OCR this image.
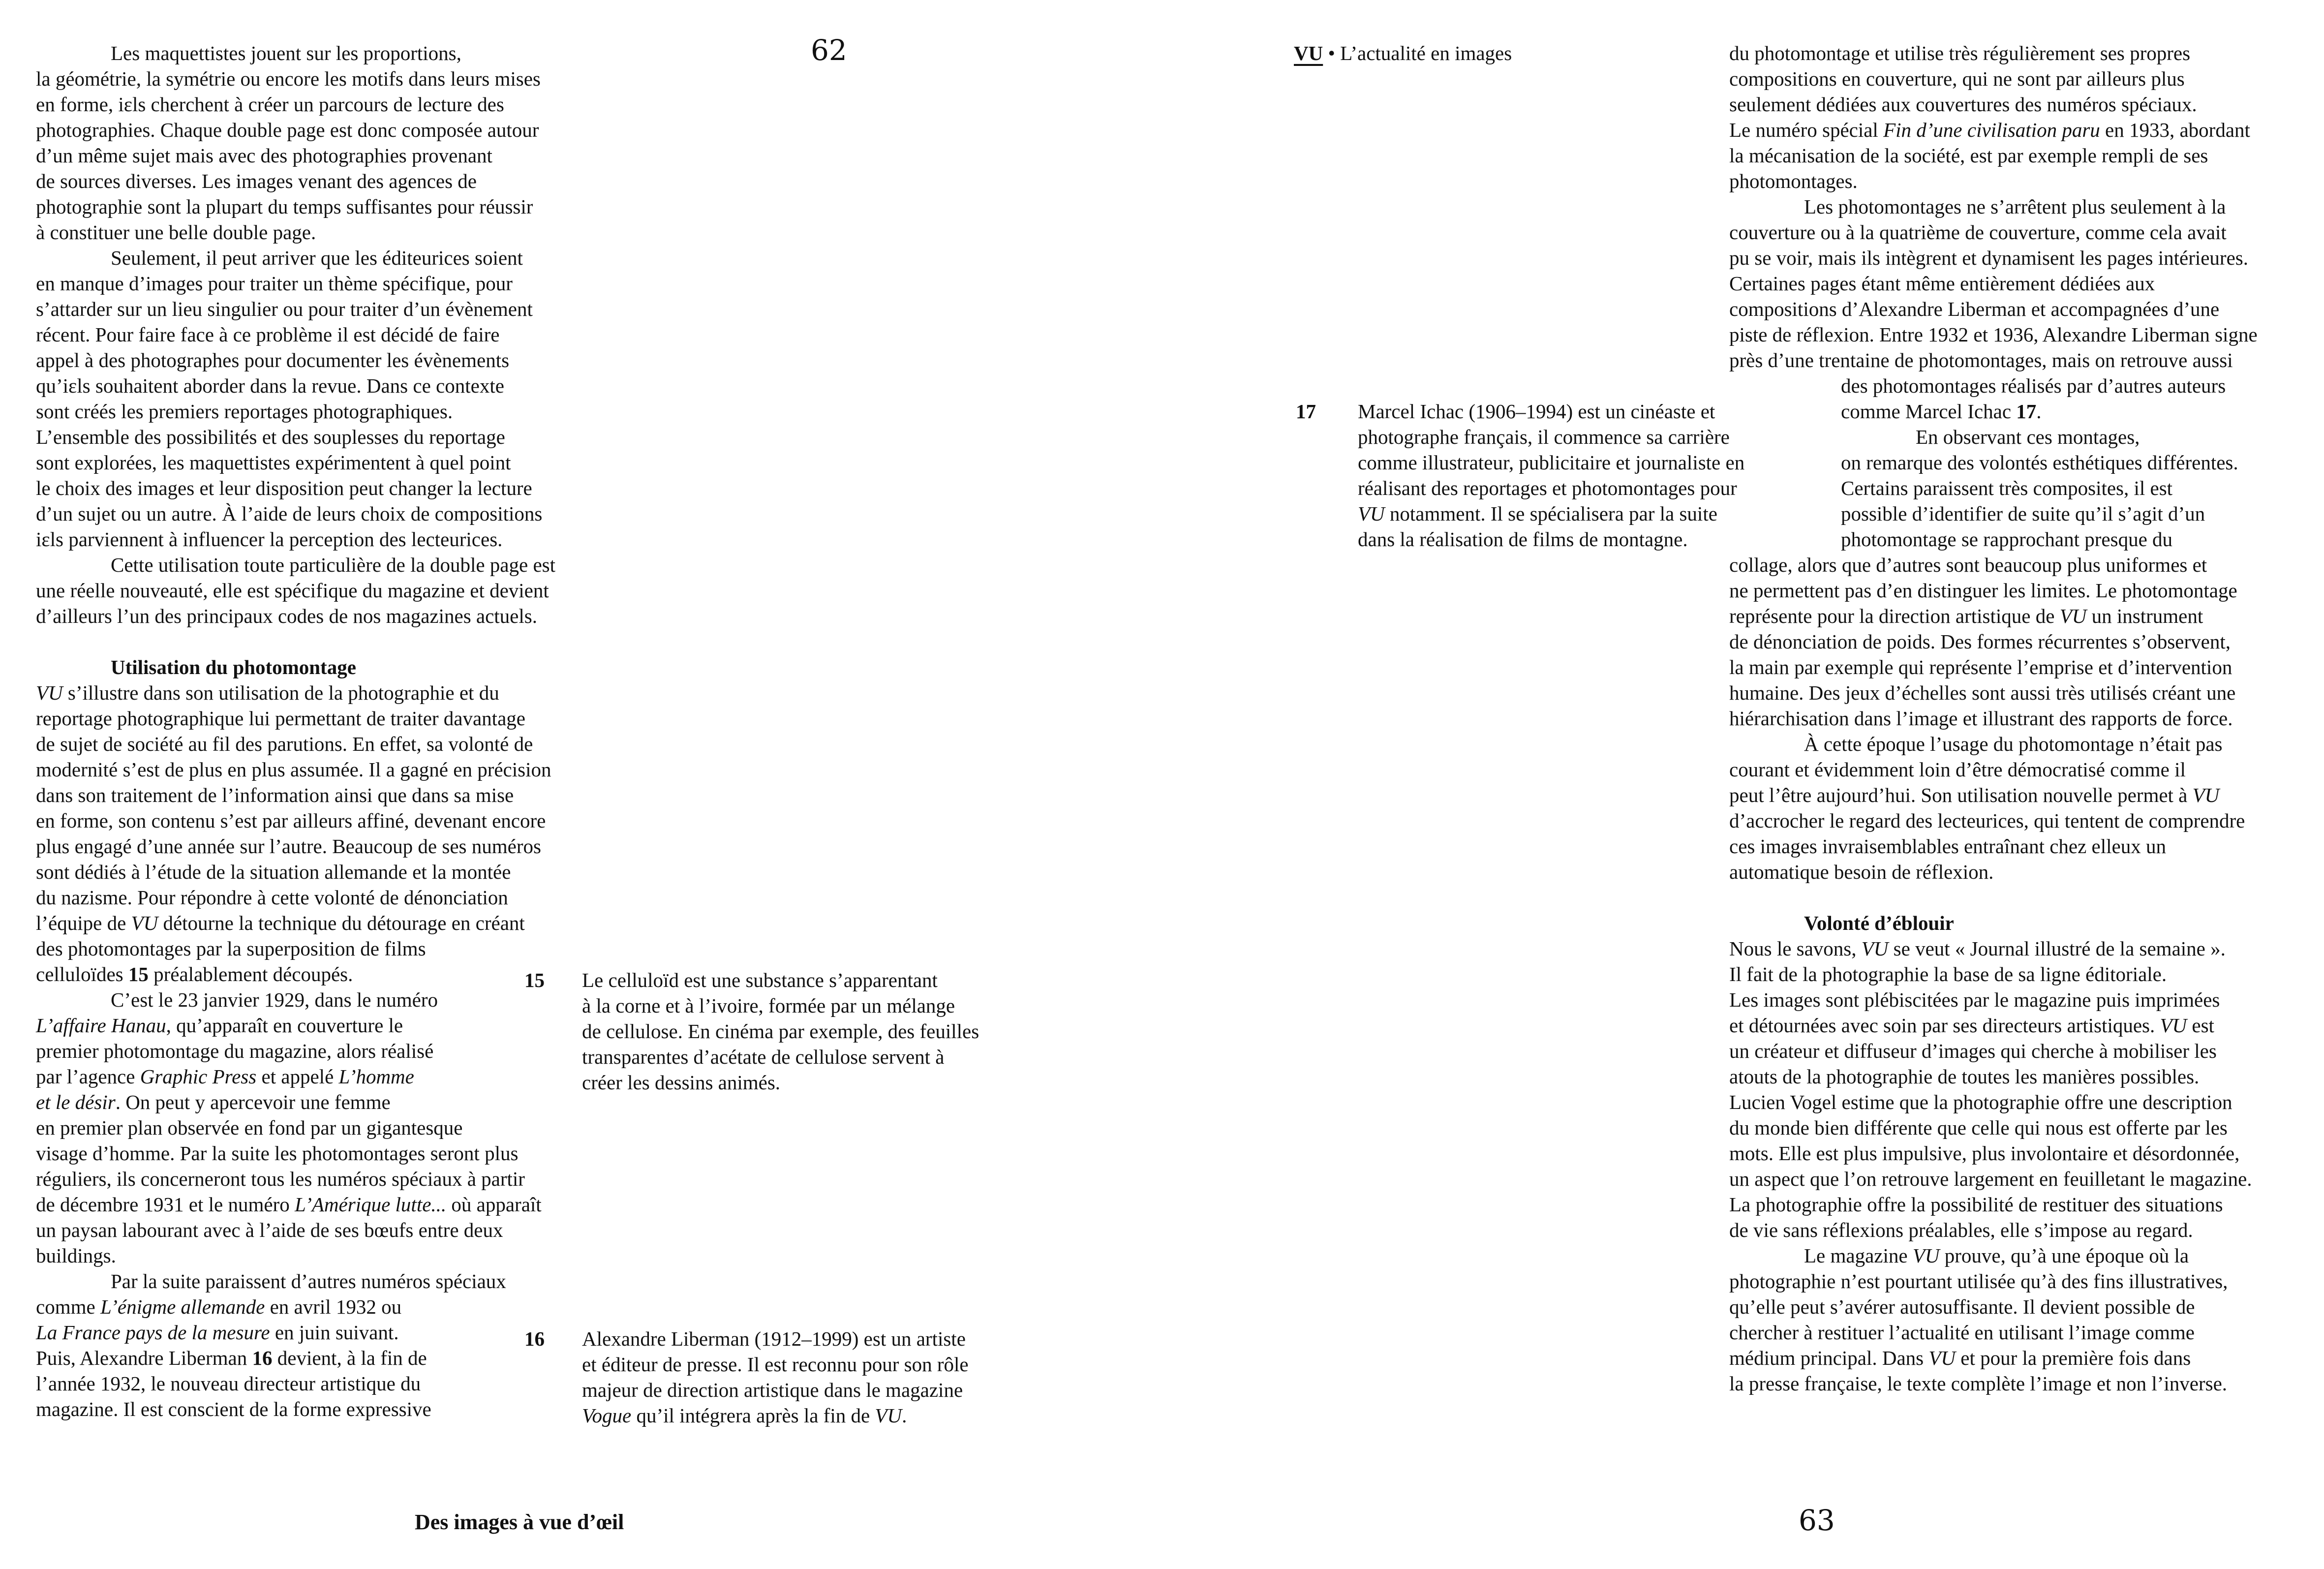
62
Les maquettistes jouent sur les proportions,
la géométrie, la symétrie ou encore les motifs dans leurs mises
en forme, iɛls cherchent à créer un parcours de lecture des
photographies. Chaque double page est donc composée autour
d’un même sujet mais avec des photographies provenant
de sources diverses. Les images venant des agences de
photographie sont la plupart du temps suffisantes pour réussir
à constituer une belle double page.
Seulement, il peut arriver que les éditeurices soient
en manque d’images pour traiter un thème spécifique, pour
s’attarder sur un lieu singulier ou pour traiter d’un évènement
récent. Pour faire face à ce problème il est décidé de faire
appel à des photographes pour documenter les évènements
qu’iɛls souhaitent aborder dans la revue. Dans ce contexte
sont créés les premiers reportages photographiques.
L’ensemble des possibilités et des souplesses du reportage
sont explorées, les maquettistes expérimentent à quel point
le choix des images et leur disposition peut changer la lecture
d’un sujet ou un autre. À l’aide de leurs choix de compositions
iɛls parviennent à influencer la perception des lecteurices.
Cette utilisation toute particulière de la double page est
une réelle nouveauté, elle est spécifique du magazine et devient
d’ailleurs l’un des principaux codes de nos magazines actuels.
Utilisation du photomontage
VU s’illustre dans son utilisation de la photographie et du
reportage photographique lui permettant de traiter davantage
de sujet de société au fil des parutions. En effet, sa volonté de
modernité s’est de plus en plus assumée. Il a gagné en précision
dans son traitement de l’information ainsi que dans sa mise
en forme, son contenu s’est par ailleurs affiné, devenant encore
plus engagé d’une année sur l’autre. Beaucoup de ses numéros
sont dédiés à l’étude de la situation allemande et la montée
du nazisme. Pour répondre à cette volonté de dénonciation
l’équipe de VU détourne la technique du détourage en créant
des photomontages par la superposition de films
celluloïdes 15 préalablement découpés.
C’est le 23 janvier 1929, dans le numéro
L’affaire Hanau, qu’apparaît en couverture le
premier photomontage du magazine, alors réalisé
par l’agence Graphic Press et appelé L’homme
et le désir. On peut y apercevoir une femme
en premier plan observée en fond par un gigantesque
visage d’homme. Par la suite les photomontages seront plus
réguliers, ils concerneront tous les numéros spéciaux à partir
de décembre 1931 et le numéro L’Amérique lutte... où apparaît
un paysan labourant avec à l’aide de ses bœufs entre deux
buildings.
Par la suite paraissent d’autres numéros spéciaux
comme L’énigme allemande en avril 1932 ou
La France pays de la mesure en juin suivant.
Puis, Alexandre Liberman 16 devient, à la fin de
l’année 1932, le nouveau directeur artistique du
magazine. Il est conscient de la forme expressive
15 Le celluloïd est une substance s’apparentant
à la corne et à l’ivoire, formée par un mélange
de cellulose. En cinéma par exemple, des feuilles
transparentes d’acétate de cellulose servent à
créer les dessins animés.
16 Alexandre Liberman (1912–1999) est un artiste
et éditeur de presse. Il est reconnu pour son rôle
majeur de direction artistique dans le magazine
Vogue qu’il intégrera après la fin de VU.
Des images à vue d’œil
VU • L’actualité en images	du photomontage et utilise très régulièrement ses propres
compositions en couverture, qui ne sont par ailleurs plus
seulement dédiées aux couvertures des numéros spéciaux.
Le numéro spécial Fin d’une civilisation paru en 1933, abordant
la mécanisation de la société, est par exemple rempli de ses
photomontages.
Les photomontages ne s’arrêtent plus seulement à la
couverture ou à la quatrième de couverture, comme cela avait
pu se voir, mais ils intègrent et dynamisent les pages intérieures.
Certaines pages étant même entièrement dédiées aux
compositions d’Alexandre Liberman et accompagnées d’une
piste de réflexion. Entre 1932 et 1936, Alexandre Liberman signe
près d’une trentaine de photomontages, mais on retrouve aussi
17 Marcel Ichac (1906–1994) est un cinéaste et
photographe français, il commence sa carrière
comme illustrateur, publicitaire et journaliste en
réalisant des reportages et photomontages pour
VU notamment. Il se spécialisera par la suite
dans la réalisation de films de montagne.
des photomontages réalisés par d’autres auteurs
comme Marcel Ichac 17.
En observant ces montages,
on remarque des volontés esthétiques différentes.
Certains paraissent très composites, il est
possible d’identifier de suite qu’il s’agit d’un
photomontage se rapprochant presque du
collage, alors que d’autres sont beaucoup plus uniformes et
ne permettent pas d’en distinguer les limites. Le photomontage
représente pour la direction artistique de VU un instrument
de dénonciation de poids. Des formes récurrentes s’observent,
la main par exemple qui représente l’emprise et d’intervention
humaine. Des jeux d’échelles sont aussi très utilisés créant une
hiérarchisation dans l’image et illustrant des rapports de force.
À cette époque l’usage du photomontage n’était pas
courant et évidemment loin d’être démocratisé comme il
peut l’être aujourd’hui. Son utilisation nouvelle permet à VU
d’accrocher le regard des lecteurices, qui tentent de comprendre
ces images invraisemblables entraînant chez elleux un
automatique besoin de réflexion.
Volonté d’éblouir
Nous le savons, VU se veut « Journal illustré de la semaine ».
Il fait de la photographie la base de sa ligne éditoriale.
Les images sont plébiscitées par le magazine puis imprimées
et détournées avec soin par ses directeurs artistiques. VU est
un créateur et diffuseur d’images qui cherche à mobiliser les
atouts de la photographie de toutes les manières possibles.
Lucien Vogel estime que la photographie offre une description
du monde bien différente que celle qui nous est offerte par les
mots. Elle est plus impulsive, plus involontaire et désordonnée,
un aspect que l’on retrouve largement en feuilletant le magazine.
La photographie offre la possibilité de restituer des situations
de vie sans réflexions préalables, elle s’impose au regard.
Le magazine VU prouve, qu’à une époque où la
photographie n’est pourtant utilisée qu’à des fins illustratives,
qu’elle peut s’avérer autosuffisante. Il devient possible de
chercher à restituer l’actualité en utilisant l’image comme
médium principal. Dans VU et pour la première fois dans
la presse française, le texte complète l’image et non l’inverse.
63
